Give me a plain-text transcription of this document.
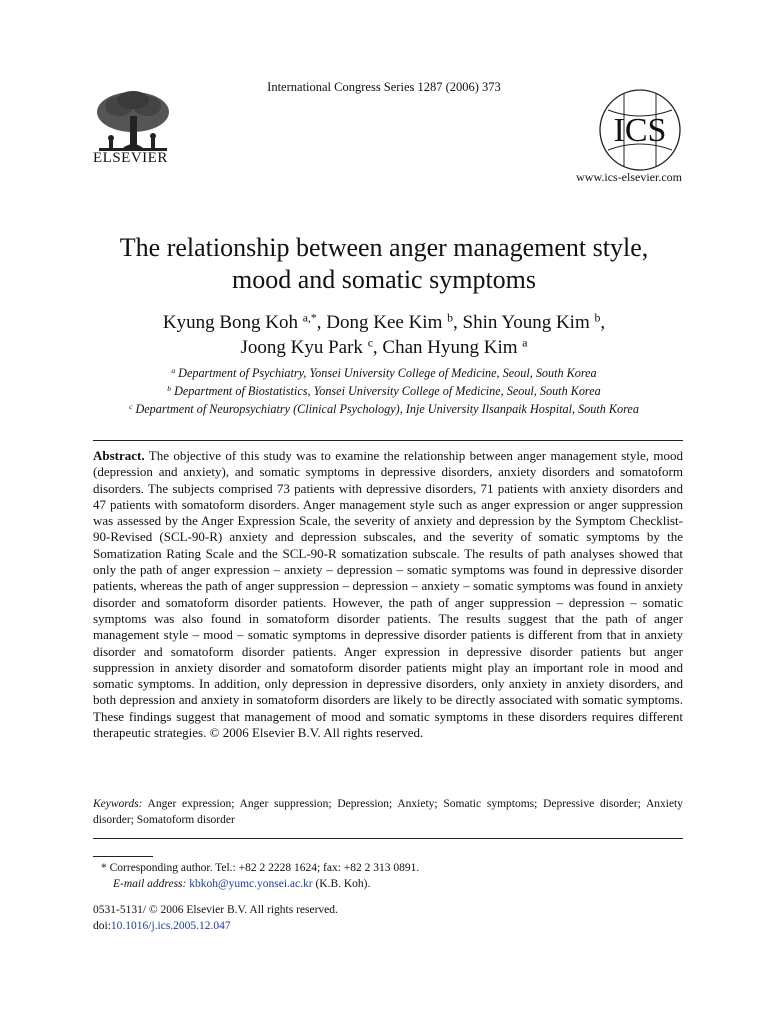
ELSEVIER
International Congress Series 1287 (2006) 373
ICS
www.ics-elsevier.com
The relationship between anger management style,
mood and somatic symptoms
Kyung Bong Koh $^{a,*}$, Dong Kee Kim $^b$, Shin Young Kim $^b$,
Joong Kyu Park $^c$, Chan Hyung Kim $^a$
$^a$ Department of Psychiatry, Yonsei University College of Medicine, Seoul, South Korea
$^b$ Department of Biostatistics, Yonsei University College of Medicine, Seoul, South Korea
$^c$ Department of Neuropsychiatry (Clinical Psychology), Inje University Ilsanpaik Hospital, South Korea
Abstract. The objective of this study was to examine the relationship between anger management style, mood (depression and anxiety), and somatic symptoms in depressive disorders, anxiety disorders and somatoform disorders. The subjects comprised 73 patients with depressive disorders, 71 patients with anxiety disorders and 47 patients with somatoform disorders. Anger management style such as anger expression or anger suppression was assessed by the Anger Expression Scale, the severity of anxiety and depression by the Symptom Checklist-90-Revised (SCL-90-R) anxiety and depression subscales, and the severity of somatic symptoms by the Somatization Rating Scale and the SCL-90-R somatization subscale. The results of path analyses showed that only the path of anger expression – anxiety – depression – somatic symptoms was found in depressive disorder patients, whereas the path of anger suppression – depression – anxiety – somatic symptoms was found in anxiety disorder and somatoform disorder patients. However, the path of anger suppression – depression – somatic symptoms was also found in somatoform disorder patients. The results suggest that the path of anger management style – mood – somatic symptoms in depressive disorder patients is different from that in anxiety disorder and somatoform disorder patients. Anger expression in depressive disorder patients but anger suppression in anxiety disorder and somatoform disorder patients might play an important role in mood and somatic symptoms. In addition, only depression in depressive disorders, only anxiety in anxiety disorders, and both depression and anxiety in somatoform disorders are likely to be directly associated with somatic symptoms. These findings suggest that management of mood and somatic symptoms in these disorders requires different therapeutic strategies. © 2006 Elsevier B.V. All rights reserved.
Keywords: Anger expression; Anger suppression; Depression; Anxiety; Somatic symptoms; Depressive disorder; Anxiety disorder; Somatoform disorder
* Corresponding author. Tel.: +82 2 2228 1624; fax: +82 2 313 0891.
E-mail address: kbkoh@yumc.yonsei.ac.kr (K.B. Koh).
0531-5131/ © 2006 Elsevier B.V. All rights reserved.
doi:10.1016/j.ics.2005.12.047
